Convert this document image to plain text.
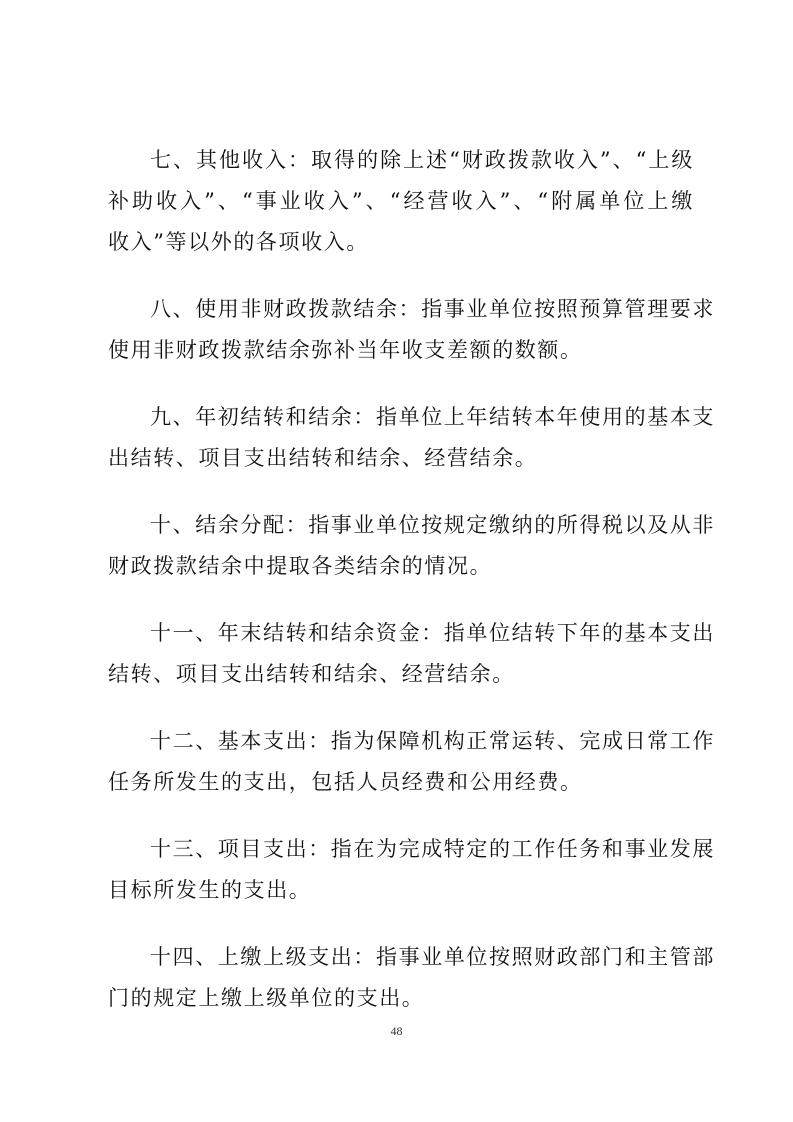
七、其他收入：取得的除上述“财政拨款收入”、“上级
补助收入”、“事业收入”、“经营收入”、“附属单位上缴
收入”等以外的各项收入。

八、使用非财政拨款结余：指事业单位按照预算管理要求
使用非财政拨款结余弥补当年收支差额的数额。

九、年初结转和结余：指单位上年结转本年使用的基本支
出结转、项目支出结转和结余、经营结余。

十、结余分配：指事业单位按规定缴纳的所得税以及从非
财政拨款结余中提取各类结余的情况。

十一、年末结转和结余资金：指单位结转下年的基本支出
结转、项目支出结转和结余、经营结余。

十二、基本支出：指为保障机构正常运转、完成日常工作
任务所发生的支出，包括人员经费和公用经费。

十三、项目支出：指在为完成特定的工作任务和事业发展
目标所发生的支出。

十四、上缴上级支出：指事业单位按照财政部门和主管部
门的规定上缴上级单位的支出。

48
